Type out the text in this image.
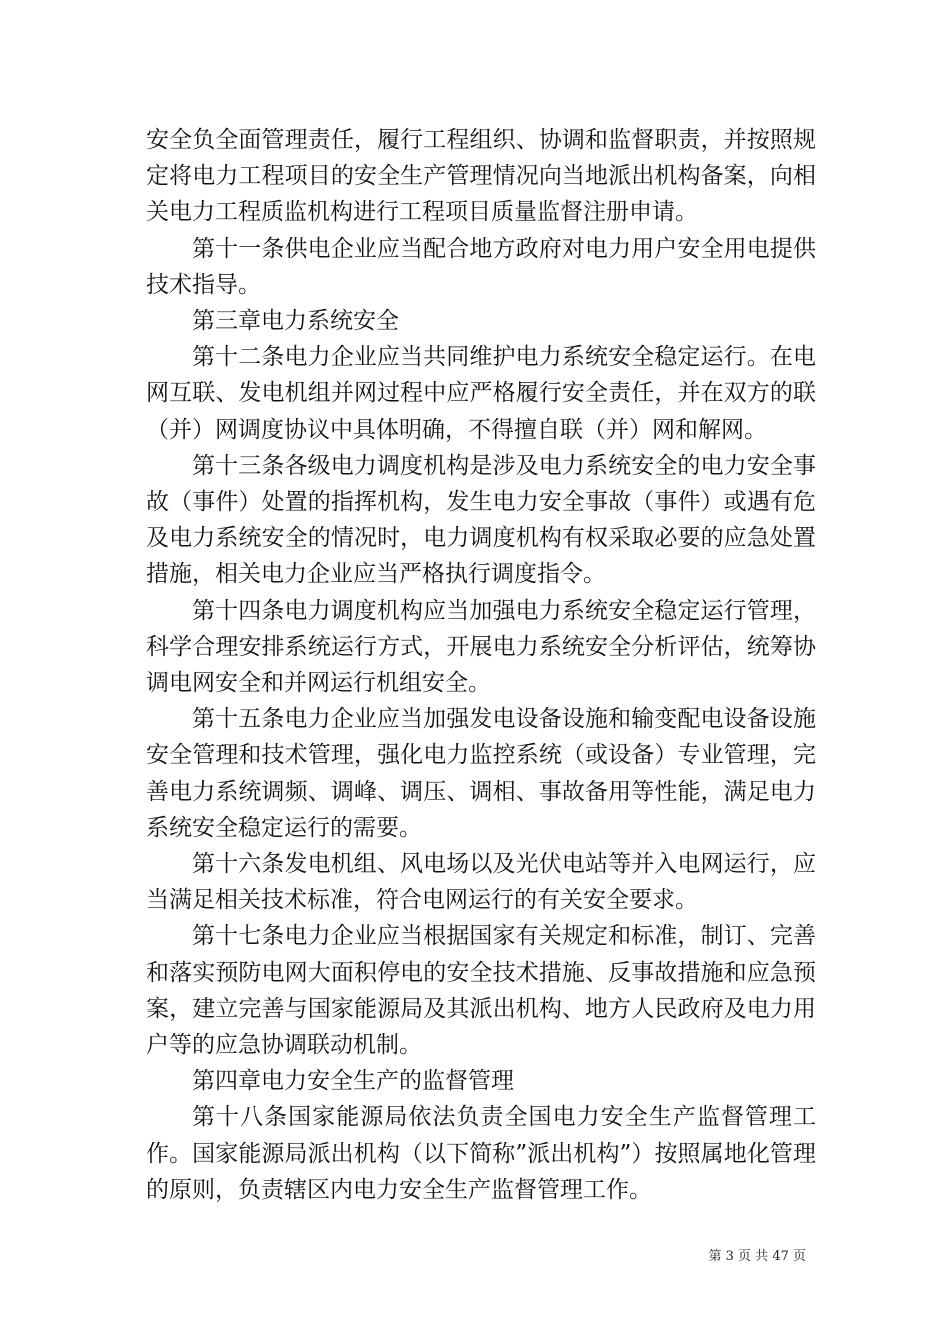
安全负全面管理责任，履行工程组织、协调和监督职责，并按照规定将电力工程项目的安全生产管理情况向当地派出机构备案，向相关电力工程质监机构进行工程项目质量监督注册申请。

第十一条供电企业应当配合地方政府对电力用户安全用电提供技术指导。

第三章电力系统安全

第十二条电力企业应当共同维护电力系统安全稳定运行。在电网互联、发电机组并网过程中应严格履行安全责任，并在双方的联（并）网调度协议中具体明确，不得擅自联（并）网和解网。

第十三条各级电力调度机构是涉及电力系统安全的电力安全事故（事件）处置的指挥机构，发生电力安全事故（事件）或遇有危及电力系统安全的情况时，电力调度机构有权采取必要的应急处置措施，相关电力企业应当严格执行调度指令。

第十四条电力调度机构应当加强电力系统安全稳定运行管理，科学合理安排系统运行方式，开展电力系统安全分析评估，统筹协调电网安全和并网运行机组安全。

第十五条电力企业应当加强发电设备设施和输变配电设备设施安全管理和技术管理，强化电力监控系统（或设备）专业管理，完善电力系统调频、调峰、调压、调相、事故备用等性能，满足电力系统安全稳定运行的需要。

第十六条发电机组、风电场以及光伏电站等并入电网运行，应当满足相关技术标准，符合电网运行的有关安全要求。

第十七条电力企业应当根据国家有关规定和标准，制订、完善和落实预防电网大面积停电的安全技术措施、反事故措施和应急预案，建立完善与国家能源局及其派出机构、地方人民政府及电力用户等的应急协调联动机制。

第四章电力安全生产的监督管理

第十八条国家能源局依法负责全国电力安全生产监督管理工作。国家能源局派出机构（以下简称”派出机构”）按照属地化管理的原则，负责辖区内电力安全生产监督管理工作。

第 3 页 共 47 页
